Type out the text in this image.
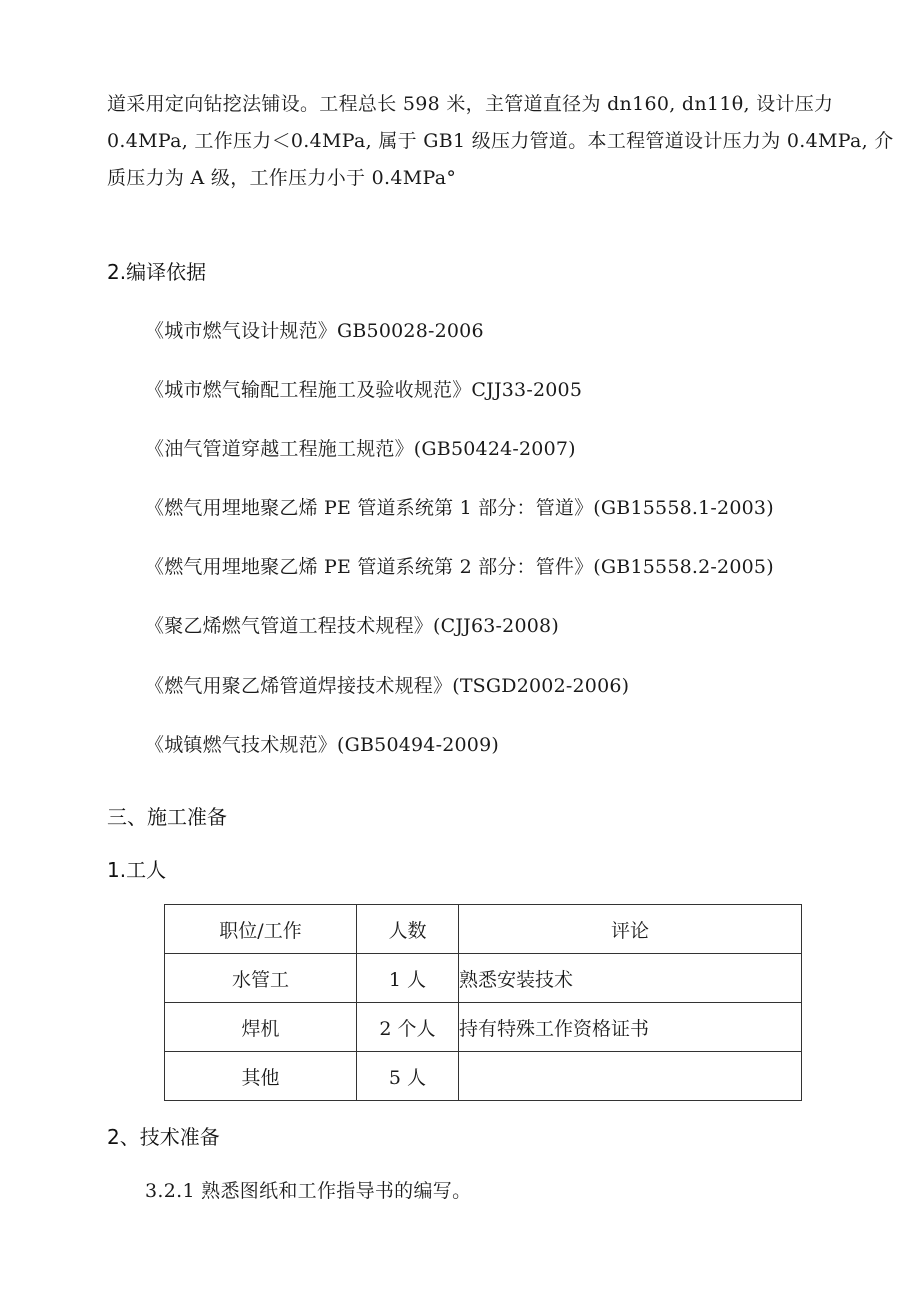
道采用定向钻挖法铺设。工程总长 598 米，主管道直径为 dn160, dn11θ, 设计压力
0.4MPa, 工作压力＜0.4MPa, 属于 GB1 级压力管道。本工程管道设计压力为 0.4MPa, 介
质压力为 A 级，工作压力小于 0.4MPa°
2.编译依据
《城市燃气设计规范》GB50028-2006
《城市燃气输配工程施工及验收规范》CJJ33-2005
《油气管道穿越工程施工规范》(GB50424-2007)
《燃气用埋地聚乙烯 PE 管道系统第 1 部分：管道》(GB15558.1-2003)
《燃气用埋地聚乙烯 PE 管道系统第 2 部分：管件》(GB15558.2-2005)
《聚乙烯燃气管道工程技术规程》(CJJ63-2008)
《燃气用聚乙烯管道焊接技术规程》(TSGD2002-2006)
《城镇燃气技术规范》(GB50494-2009)
三、施工准备
1.工人
职位/工作	人数	评论
水管工	1 人	熟悉安装技术
焊机	2 个人	持有特殊工作资格证书
其他	5 人	
2、技术准备
3.2.1 熟悉图纸和工作指导书的编写。
